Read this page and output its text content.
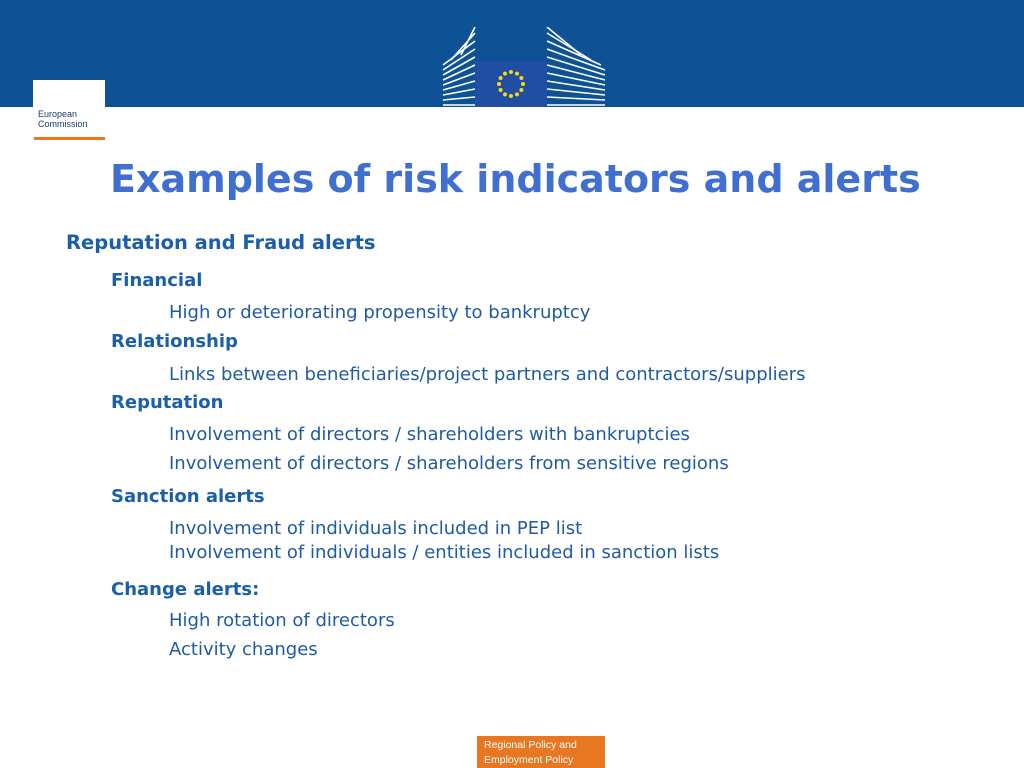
European
Commission
Examples of risk indicators and alerts
Reputation and Fraud alerts
Financial

High or deteriorating propensity to bankruptcy

Relationship

Links between beneficiaries/project partners and contractors/suppliers

Reputation

Involvement of directors / shareholders with bankruptcies

Involvement of directors / shareholders from sensitive regions

Sanction alerts

Involvement of individuals included in PEP list

Involvement of individuals / entities included in sanction lists

Change alerts:

High rotation of directors

Activity changes

Regional Policy and
Employment Policy
